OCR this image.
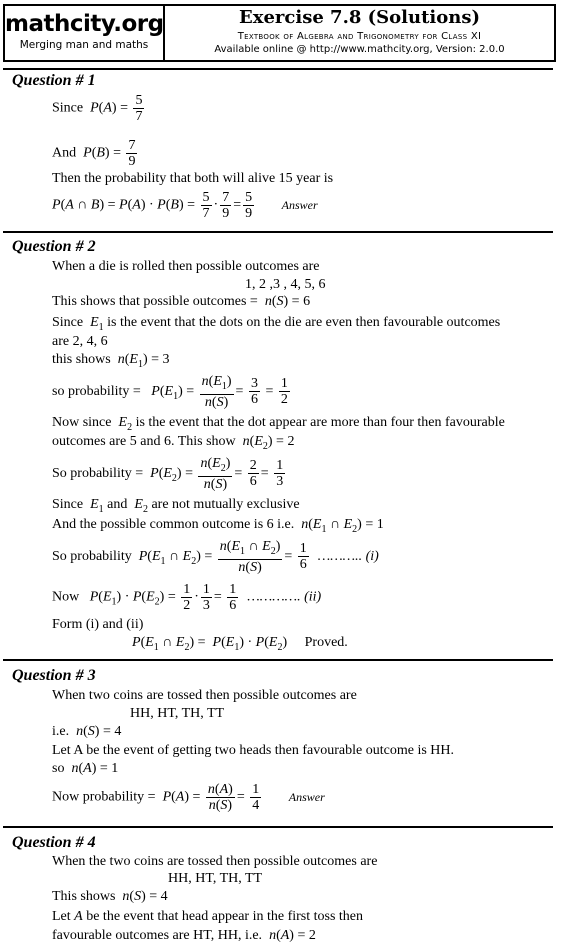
mathcity.org
Merging man and maths
Exercise 7.8 (Solutions)
Textbook of Algebra and Trigonometry for Class XI
Available online @ http://www.mathcity.org, Version: 2.0.0
Question # 1
Since $P(A) = \frac{5}{7}$
And $P(B) = \frac{7}{9}$
Then the probability that both will alive 15 year is
P(A ∩ $B) = P(A) \cdot P(B) = \frac{5}{7} \cdot \frac{7}{9} = \frac{5}{9}$ Answer
Question # 2
When a die is rolled then possible outcomes are
1, 2 ,3 , 4, 5, 6
This shows that possible outcomes = n(S) = 6
Since $E_1$ is the event that the dots on the die are even then favourable outcomes
are 2, 4, 6
this shows $n(E_1) = 3$
so probability = $P(E_1) = \frac{n(E_1)}{n(S)} = \frac{3}{6} = \frac{1}{2}$
Now since $E_2$ is the event that the dot appear are more than four then favourable
outcomes are 5 and 6. This show $n(E_2) = 2$
So probability = $P(E_2) = \frac{n(E_2)}{n(S)} = \frac{2}{6} = \frac{1}{3}$
Since $E_1$ and $E_2$ are not mutually exclusive
And the possible common outcome is 6 i.e. $n(E_1$ ∩ $E_2) = 1$
So probability $P(E_1$ ∩ $E_2) = \frac{n(E_1 \cap E_2)}{n(S)} = \frac{1}{6}$ ……….. (i)
Now $P(E_1) \cdot P(E_2) = \frac{1}{2} \cdot \frac{1}{3} = \frac{1}{6}$ …………. (ii)
Form (i) and (ii)
$P(E_1$ ∩ $E_2) = P(E_1) \cdot P(E_2)$     Proved.
Question # 3
When two coins are tossed then possible outcomes are
HH, HT, TH, TT
i.e. n(S) = 4
Let A be the event of getting two heads then favourable outcome is HH.
so n(A) = 1
Now probability = $P(A) = \frac{n(A)}{n(S)} = \frac{1}{4}$ Answer
Question # 4
When the two coins are tossed then possible outcomes are
HH, HT, TH, TT
This shows n(S) = 4
Let A be the event that head appear in the first toss then
favourable outcomes are HT, HH, i.e. n(A) = 2
